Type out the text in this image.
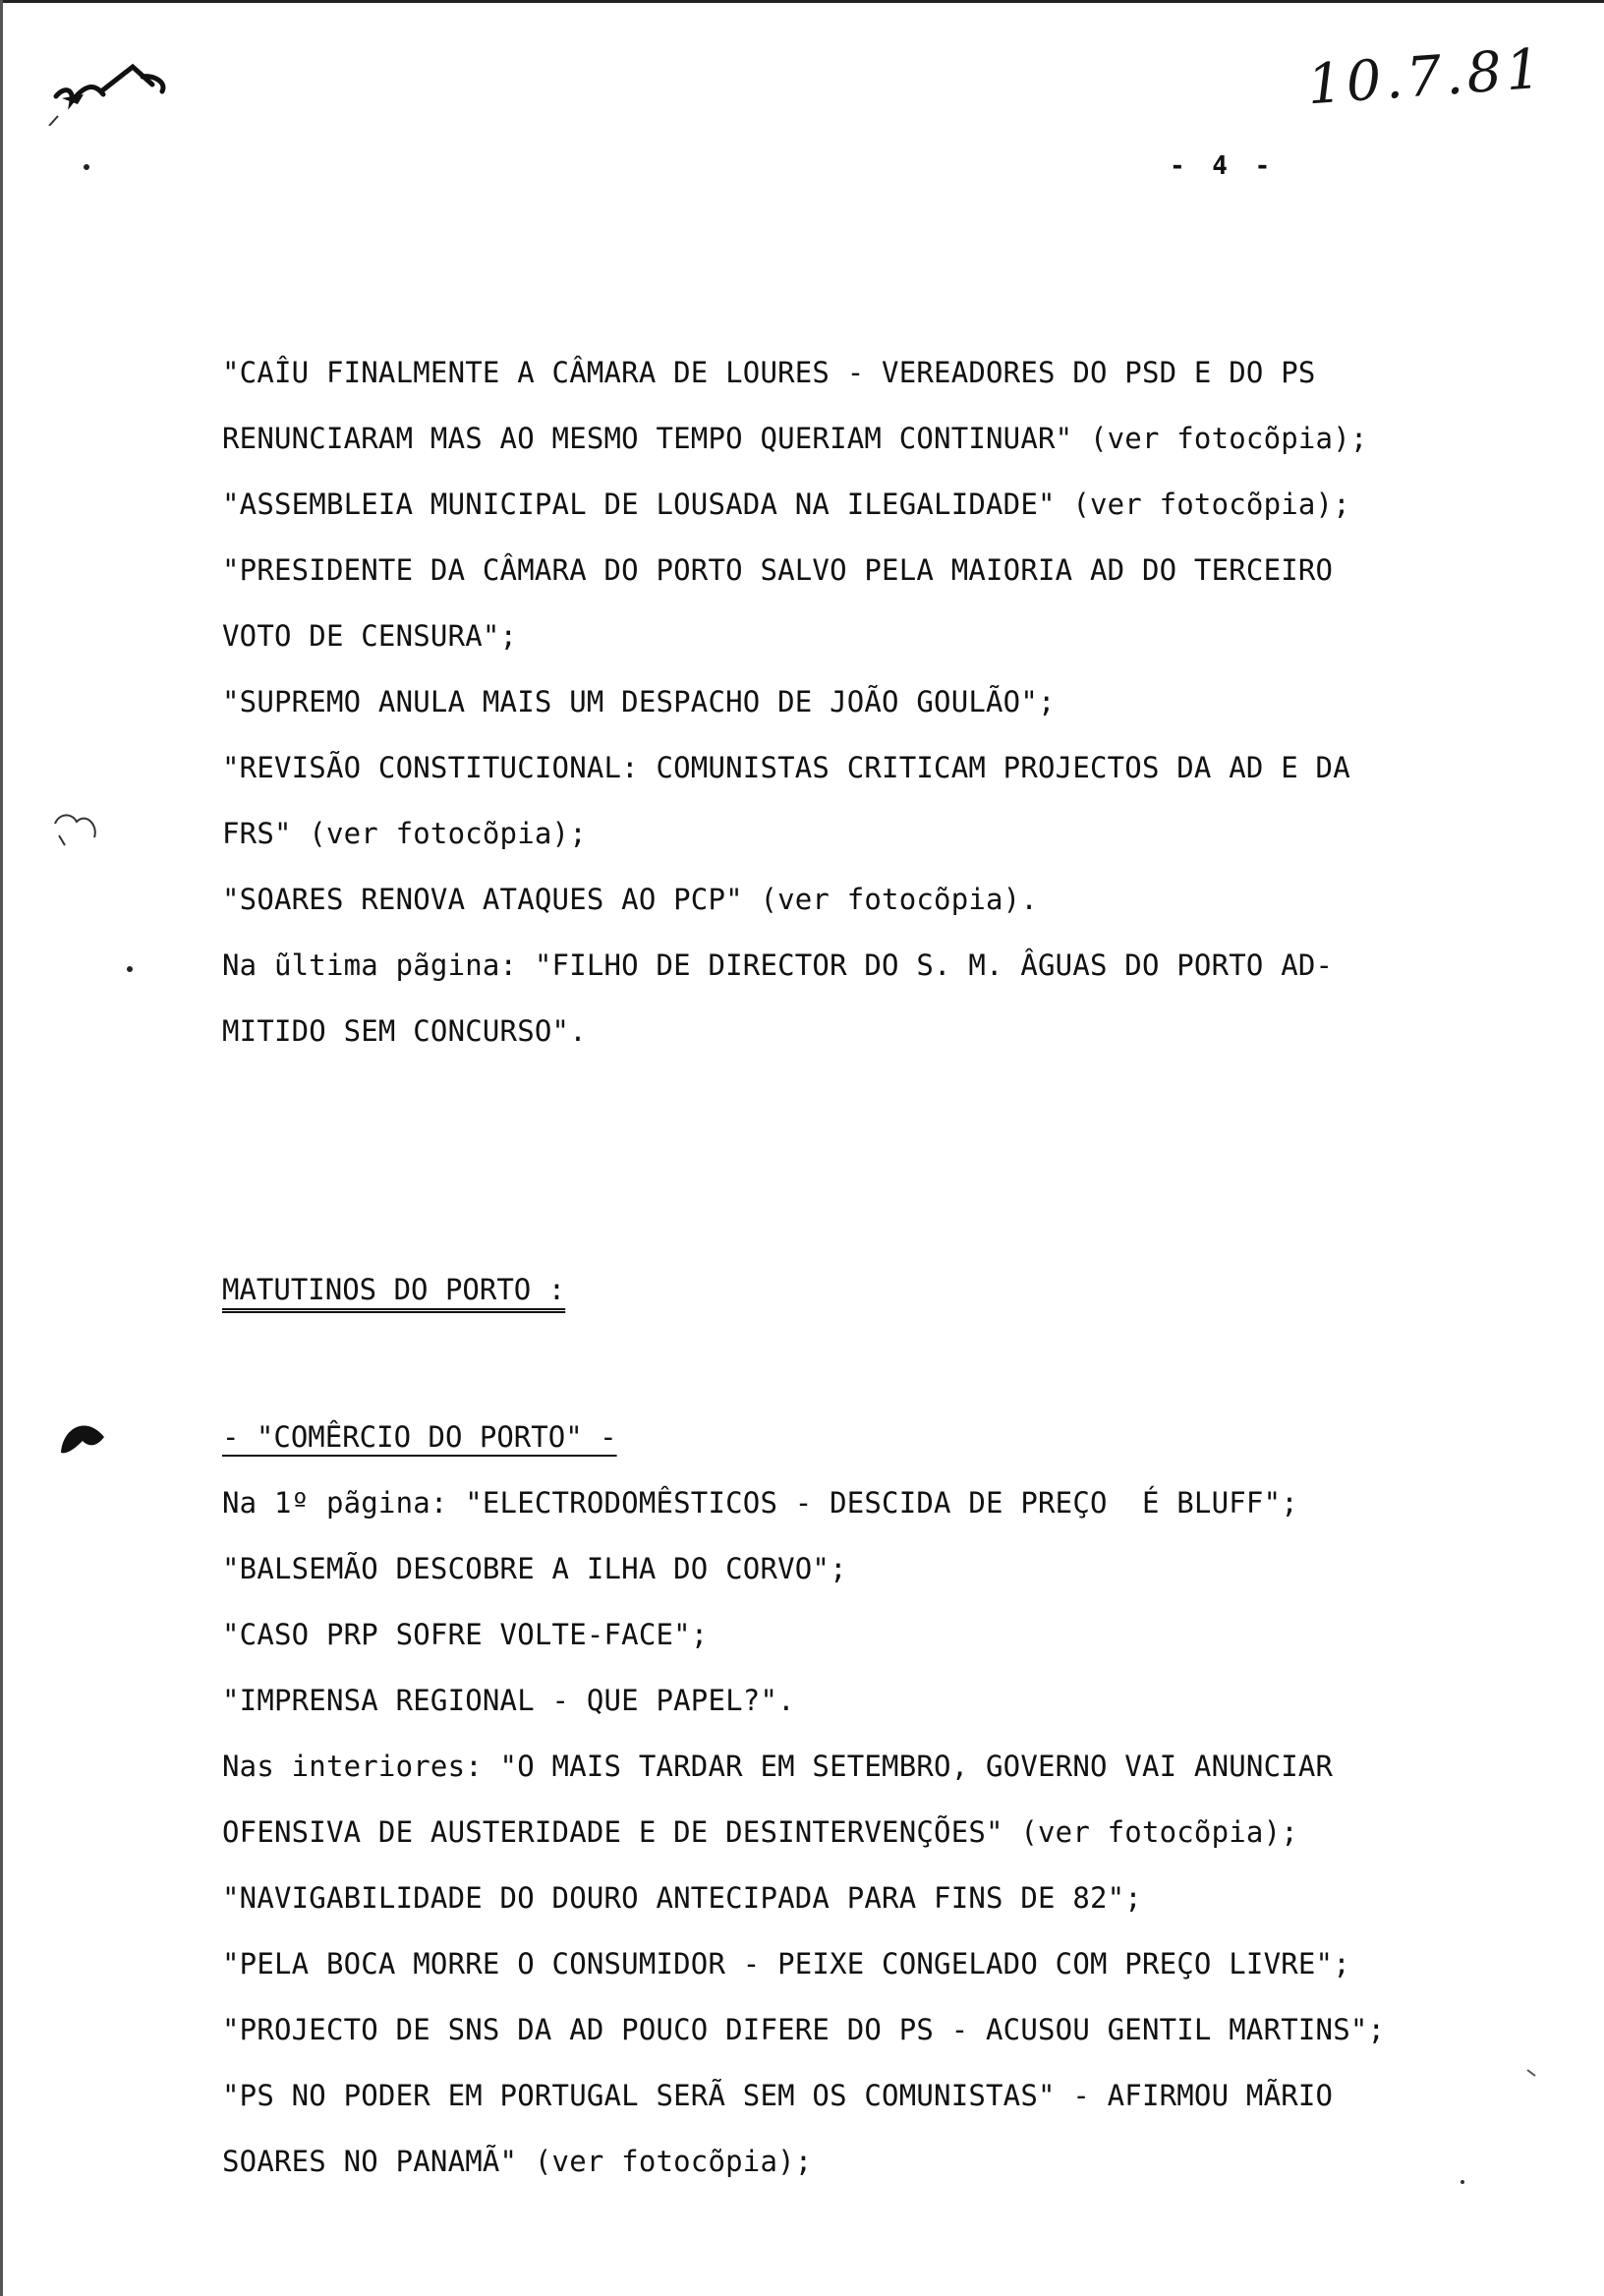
10.7.81
- 4 -
"CAÎU FINALMENTE A CÂMARA DE LOURES - VEREADORES DO PSD E DO PS
RENUNCIARAM MAS AO MESMO TEMPO QUERIAM CONTINUAR" (ver fotocõpia);
"ASSEMBLEIA MUNICIPAL DE LOUSADA NA ILEGALIDADE" (ver fotocõpia);
"PRESIDENTE DA CÂMARA DO PORTO SALVO PELA MAIORIA AD DO TERCEIRO
VOTO DE CENSURA";
"SUPREMO ANULA MAIS UM DESPACHO DE JOÃO GOULÃO";
"REVISÃO CONSTITUCIONAL: COMUNISTAS CRITICAM PROJECTOS DA AD E DA
FRS" (ver fotocõpia);
"SOARES RENOVA ATAQUES AO PCP" (ver fotocõpia).
Na ũltima pãgina: "FILHO DE DIRECTOR DO S. M. ÂGUAS DO PORTO AD-
MITIDO SEM CONCURSO".
MATUTINOS DO PORTO :
- "COMÊRCIO DO PORTO" -
Na 1º pãgina: "ELECTRODOMÊSTICOS - DESCIDA DE PREÇO  É BLUFF";
"BALSEMÃO DESCOBRE A ILHA DO CORVO";
"CASO PRP SOFRE VOLTE-FACE";
"IMPRENSA REGIONAL - QUE PAPEL?".
Nas interiores: "O MAIS TARDAR EM SETEMBRO, GOVERNO VAI ANUNCIAR
OFENSIVA DE AUSTERIDADE E DE DESINTERVENÇÕES" (ver fotocõpia);
"NAVIGABILIDADE DO DOURO ANTECIPADA PARA FINS DE 82";
"PELA BOCA MORRE O CONSUMIDOR - PEIXE CONGELADO COM PREÇO LIVRE";
"PROJECTO DE SNS DA AD POUCO DIFERE DO PS - ACUSOU GENTIL MARTINS";
"PS NO PODER EM PORTUGAL SERÃ SEM OS COMUNISTAS" - AFIRMOU MÃRIO
SOARES NO PANAMÃ" (ver fotocõpia);
